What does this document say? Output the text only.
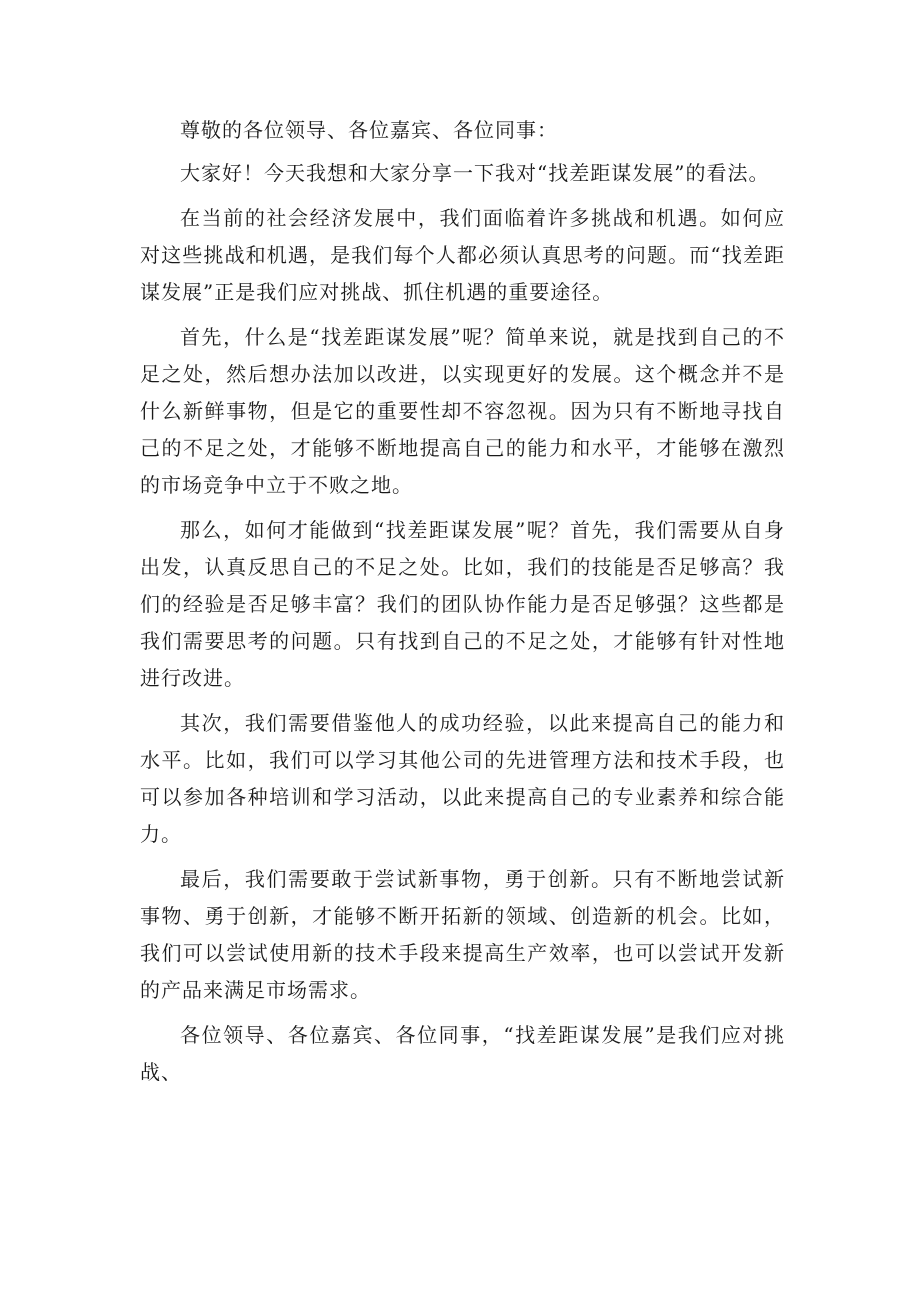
尊敬的各位领导、各位嘉宾、各位同事：

大家好！今天我想和大家分享一下我对“找差距谋发展”的看法。

在当前的社会经济发展中，我们面临着许多挑战和机遇。如何应对这些挑战和机遇，是我们每个人都必须认真思考的问题。而“找差距谋发展”正是我们应对挑战、抓住机遇的重要途径。

首先，什么是“找差距谋发展”呢？简单来说，就是找到自己的不足之处，然后想办法加以改进，以实现更好的发展。这个概念并不是什么新鲜事物，但是它的重要性却不容忽视。因为只有不断地寻找自己的不足之处，才能够不断地提高自己的能力和水平，才能够在激烈的市场竞争中立于不败之地。

那么，如何才能做到“找差距谋发展”呢？首先，我们需要从自身出发，认真反思自己的不足之处。比如，我们的技能是否足够高？我们的经验是否足够丰富？我们的团队协作能力是否足够强？这些都是我们需要思考的问题。只有找到自己的不足之处，才能够有针对性地进行改进。

其次，我们需要借鉴他人的成功经验，以此来提高自己的能力和水平。比如，我们可以学习其他公司的先进管理方法和技术手段，也可以参加各种培训和学习活动，以此来提高自己的专业素养和综合能力。

最后，我们需要敢于尝试新事物，勇于创新。只有不断地尝试新事物、勇于创新，才能够不断开拓新的领域、创造新的机会。比如，我们可以尝试使用新的技术手段来提高生产效率，也可以尝试开发新的产品来满足市场需求。

各位领导、各位嘉宾、各位同事，“找差距谋发展”是我们应对挑战、
